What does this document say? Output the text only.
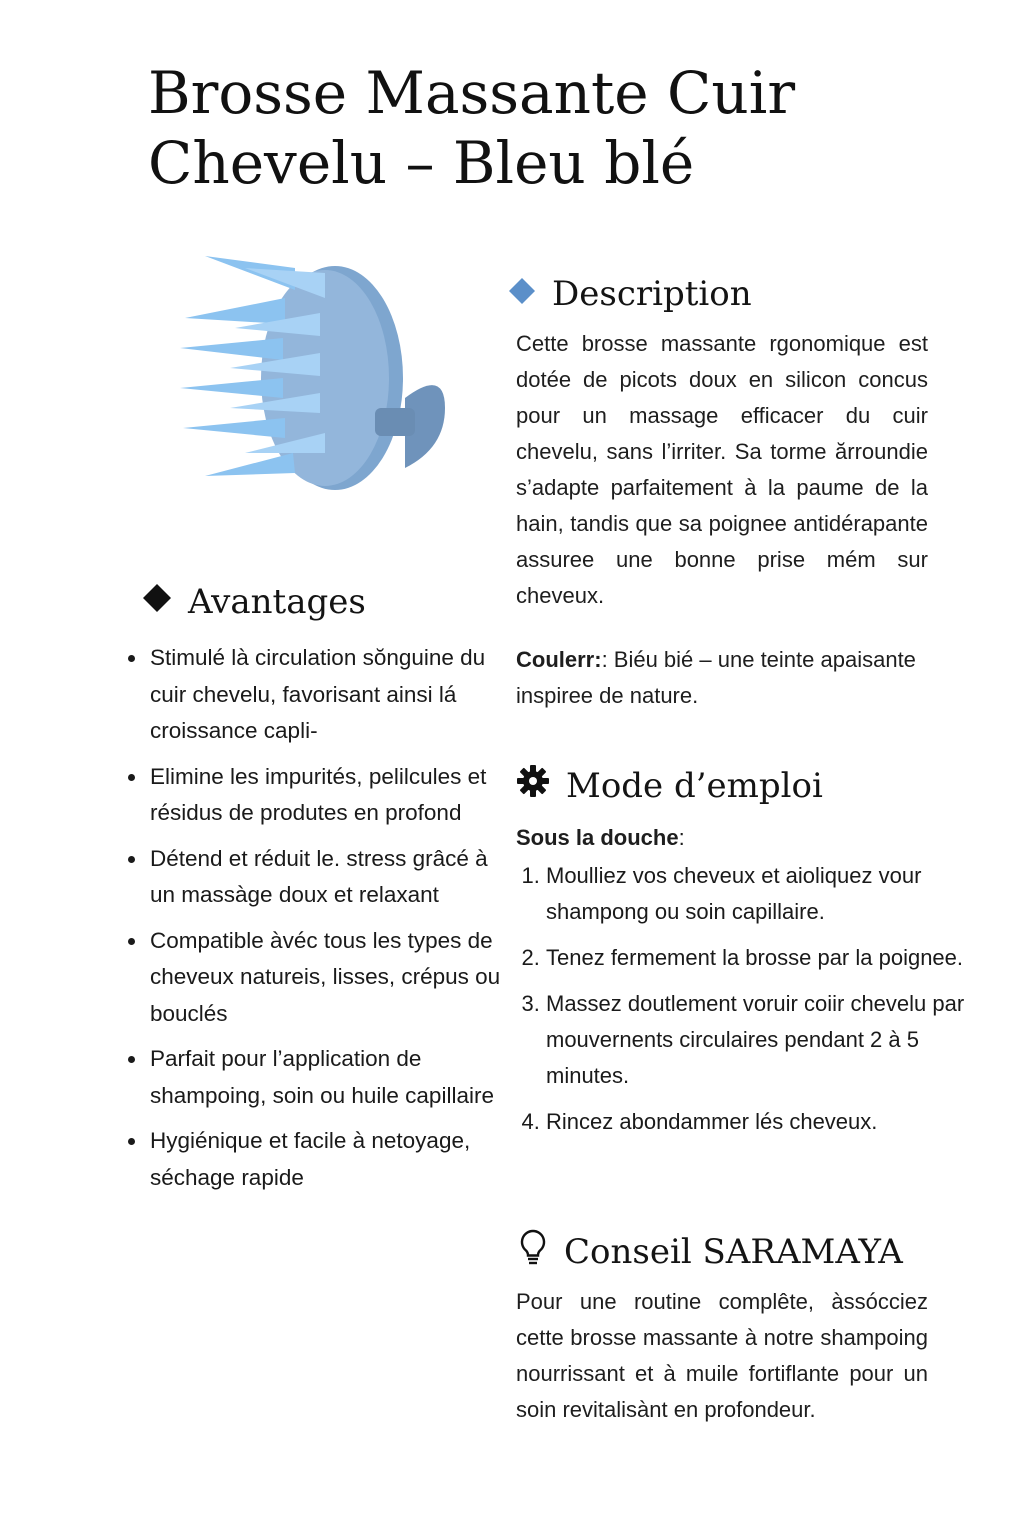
Brosse Massante Cuir Chevelu – Bleu blé
Description

Cette brosse massante rgonomique est dotée de picots doux en silicon concus pour un massage efficacer du cuir chevelu, sans l’irriter. Sa torme ărroundie s’adapte parfaitement à la paume de la hain, tandis que sa poignee antidérapante assuree une bonne prise mém sur cheveux.

Coulerr:: Biéu bié – une teinte apaisante inspiree de nature.

Avantages
• Stimulé là circulation sŏnguine du cuir chevelu, favorisant ainsi lá croissance capli-
• Elimine les impurités, pelilcules et résidus de produtes en profond
• Détend et réduit le. stress grâcé à un massàge doux et relaxant
• Compatible àvéc tous les types de cheveux natureis, lisses, crépus ou bouclés
• Parfait pour l’application de shampoing, soin ou huile capillaire
• Hygiénique et facile à netoyage, séchage rapide
Mode d’emploi

Sous la douche:

1. Moulliez vos cheveux et aioliquez vour shampong ou soin capillaire.
2. Tenez fermement la brosse par la poignee.
3. Massez doutlement voruir coiir chevelu par mouvernents circulaires pendant 2 à 5 minutes.
4. Rincez abondammer lés cheveux.
Conseil SARAMAYA

Pour une routine complête, àssócciez cette brosse massante à notre shampoing nourrissant et à muile fortiflante pour un soin revitalisànt en profondeur.
